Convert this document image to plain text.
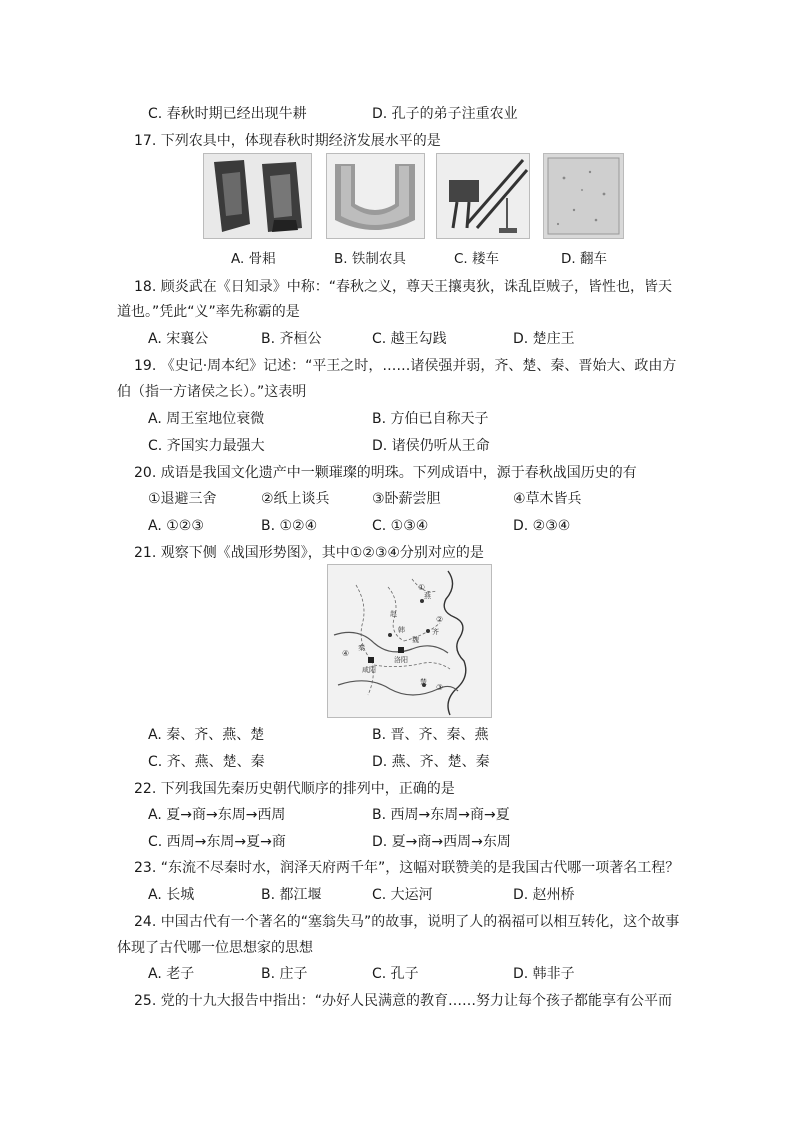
C. 春秋时期已经出现牛耕	D. 孔子的弟子注重农业
17. 下列农具中，体现春秋时期经济发展水平的是
A. 骨耜	B. 铁制农具	C. 耧车	D. 翻车
18. 顾炎武在《日知录》中称：“春秋之义，尊天王攘夷狄，诛乱臣贼子，皆性也，皆天
道也。”凭此“义”率先称霸的是
A. 宋襄公	B. 齐桓公	C. 越王勾践	D. 楚庄王
19. 《史记·周本纪》记述：“平王之时，……诸侯强并弱，齐、楚、秦、晋始大、政由方
伯（指一方诸侯之长）。”这表明
A. 周王室地位衰微	B. 方伯已自称天子
C. 齐国实力最强大	D. 诸侯仍听从王命
20. 成语是我国文化遗产中一颗璀璨的明珠。下列成语中，源于春秋战国历史的有
①退避三舍	②纸上谈兵	③卧薪尝胆	④草木皆兵
A. ①②③	B. ①②④	C. ①③④	D. ②③④
21. 观察下侧《战国形势图》，其中①②③④分别对应的是
韩
赵
魏
齐
楚
秦
燕
咸阳
洛阳
①
②
③
④
A. 秦、齐、燕、楚	B. 晋、齐、秦、燕
C. 齐、燕、楚、秦	D. 燕、齐、楚、秦
22. 下列我国先秦历史朝代顺序的排列中，正确的是
A. 夏→商→东周→西周	B. 西周→东周→商→夏
C. 西周→东周→夏→商	D. 夏→商→西周→东周
23. “东流不尽秦时水，润泽天府两千年”，这幅对联赞美的是我国古代哪一项著名工程？
A. 长城	B. 都江堰	C. 大运河	D. 赵州桥
24. 中国古代有一个著名的“塞翁失马”的故事，说明了人的祸福可以相互转化，这个故事
体现了古代哪一位思想家的思想
A. 老子	B. 庄子	C. 孔子	D. 韩非子
25. 党的十九大报告中指出：“办好人民满意的教育……努力让每个孩子都能享有公平而
